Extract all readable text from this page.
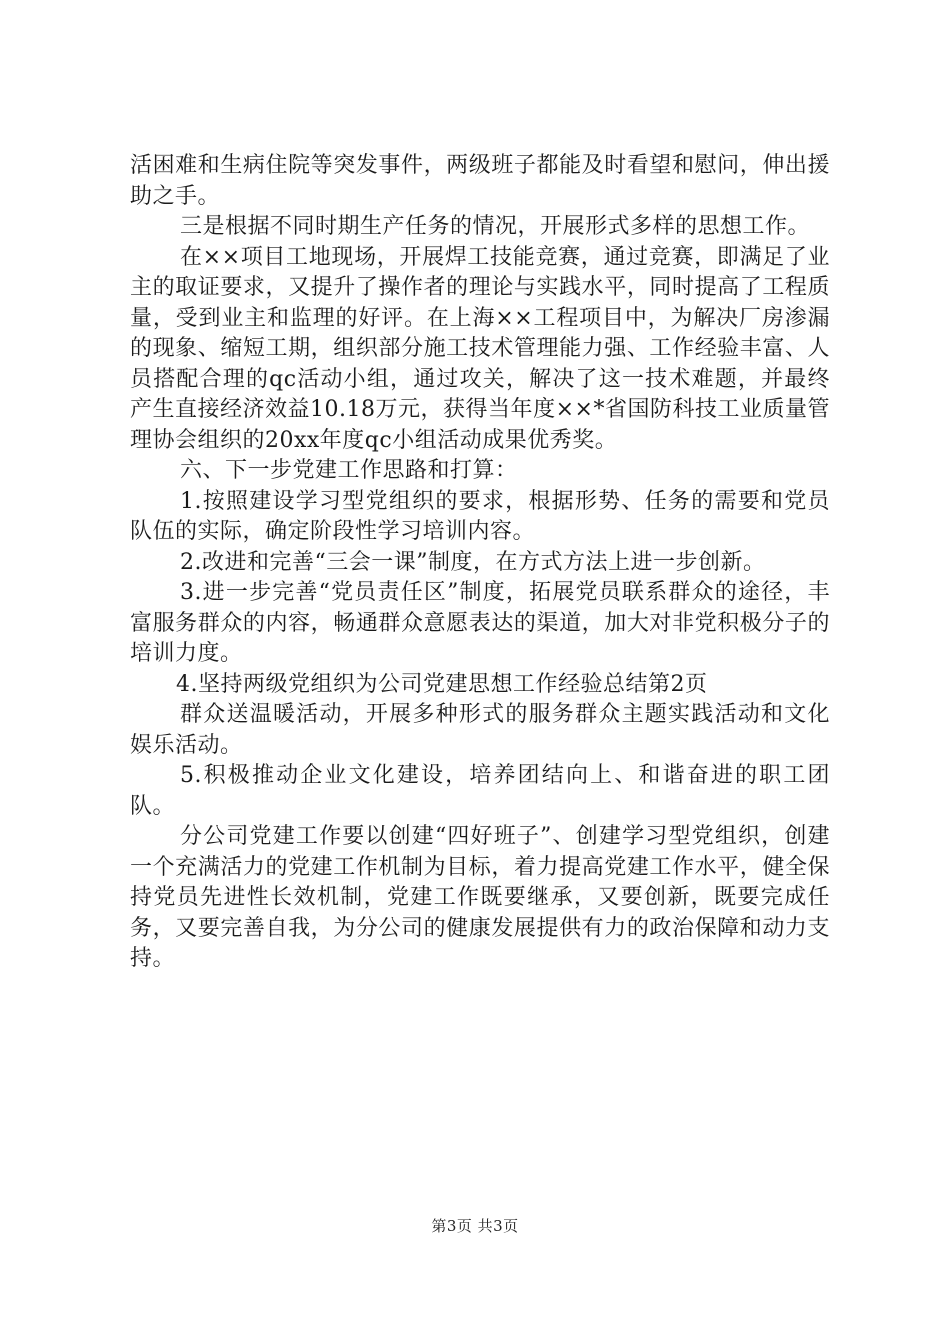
活困难和生病住院等突发事件，两级班子都能及时看望和慰问，伸出援助之手。

三是根据不同时期生产任务的情况，开展形式多样的思想工作。

在××项目工地现场，开展焊工技能竞赛，通过竞赛，即满足了业主的取证要求，又提升了操作者的理论与实践水平，同时提高了工程质量，受到业主和监理的好评。在上海××工程项目中，为解决厂房渗漏的现象、缩短工期，组织部分施工技术管理能力强、工作经验丰富、人员搭配合理的qc活动小组，通过攻关，解决了这一技术难题，并最终产生直接经济效益10.18万元，获得当年度××*省国防科技工业质量管理协会组织的20xx年度qc小组活动成果优秀奖。

六、下一步党建工作思路和打算：

1.按照建设学习型党组织的要求，根据形势、任务的需要和党员队伍的实际，确定阶段性学习培训内容。

2.改进和完善“三会一课”制度，在方式方法上进一步创新。

3.进一步完善“党员责任区”制度，拓展党员联系群众的途径，丰富服务群众的内容，畅通群众意愿表达的渠道，加大对非党积极分子的培训力度。

4.坚持两级党组织为公司党建思想工作经验总结第2页

群众送温暖活动，开展多种形式的服务群众主题实践活动和文化娱乐活动。

5.积极推动企业文化建设，培养团结向上、和谐奋进的职工团队。

分公司党建工作要以创建“四好班子”、创建学习型党组织，创建一个充满活力的党建工作机制为目标，着力提高党建工作水平，健全保持党员先进性长效机制，党建工作既要继承，又要创新，既要完成任务，又要完善自我，为分公司的健康发展提供有力的政治保障和动力支持。

第3页 共3页
